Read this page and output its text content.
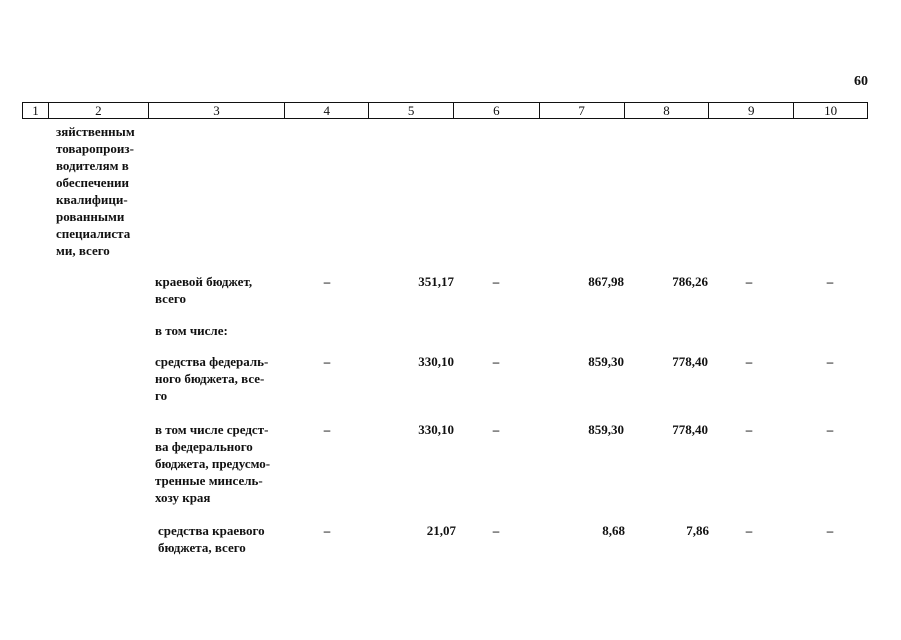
60
1	2	3	4	5	6	7	8	9	10
зяйственным
товаропроиз-
водителям в
обеспечении
квалифици-
рованными
специалиста
ми, всего
краевой бюджет,
всего
–	351,17	–	867,98	786,26	–	–
в том числе:
средства федераль-
ного бюджета, все-
го
–	330,10	–	859,30	778,40	–	–
в том числе средст-
ва федерального
бюджета, предусмо-
тренные минсель-
хозу края
–	330,10	–	859,30	778,40	–	–
средства краевого
бюджета, всего
–	21,07	–	8,68	7,86	–	–
